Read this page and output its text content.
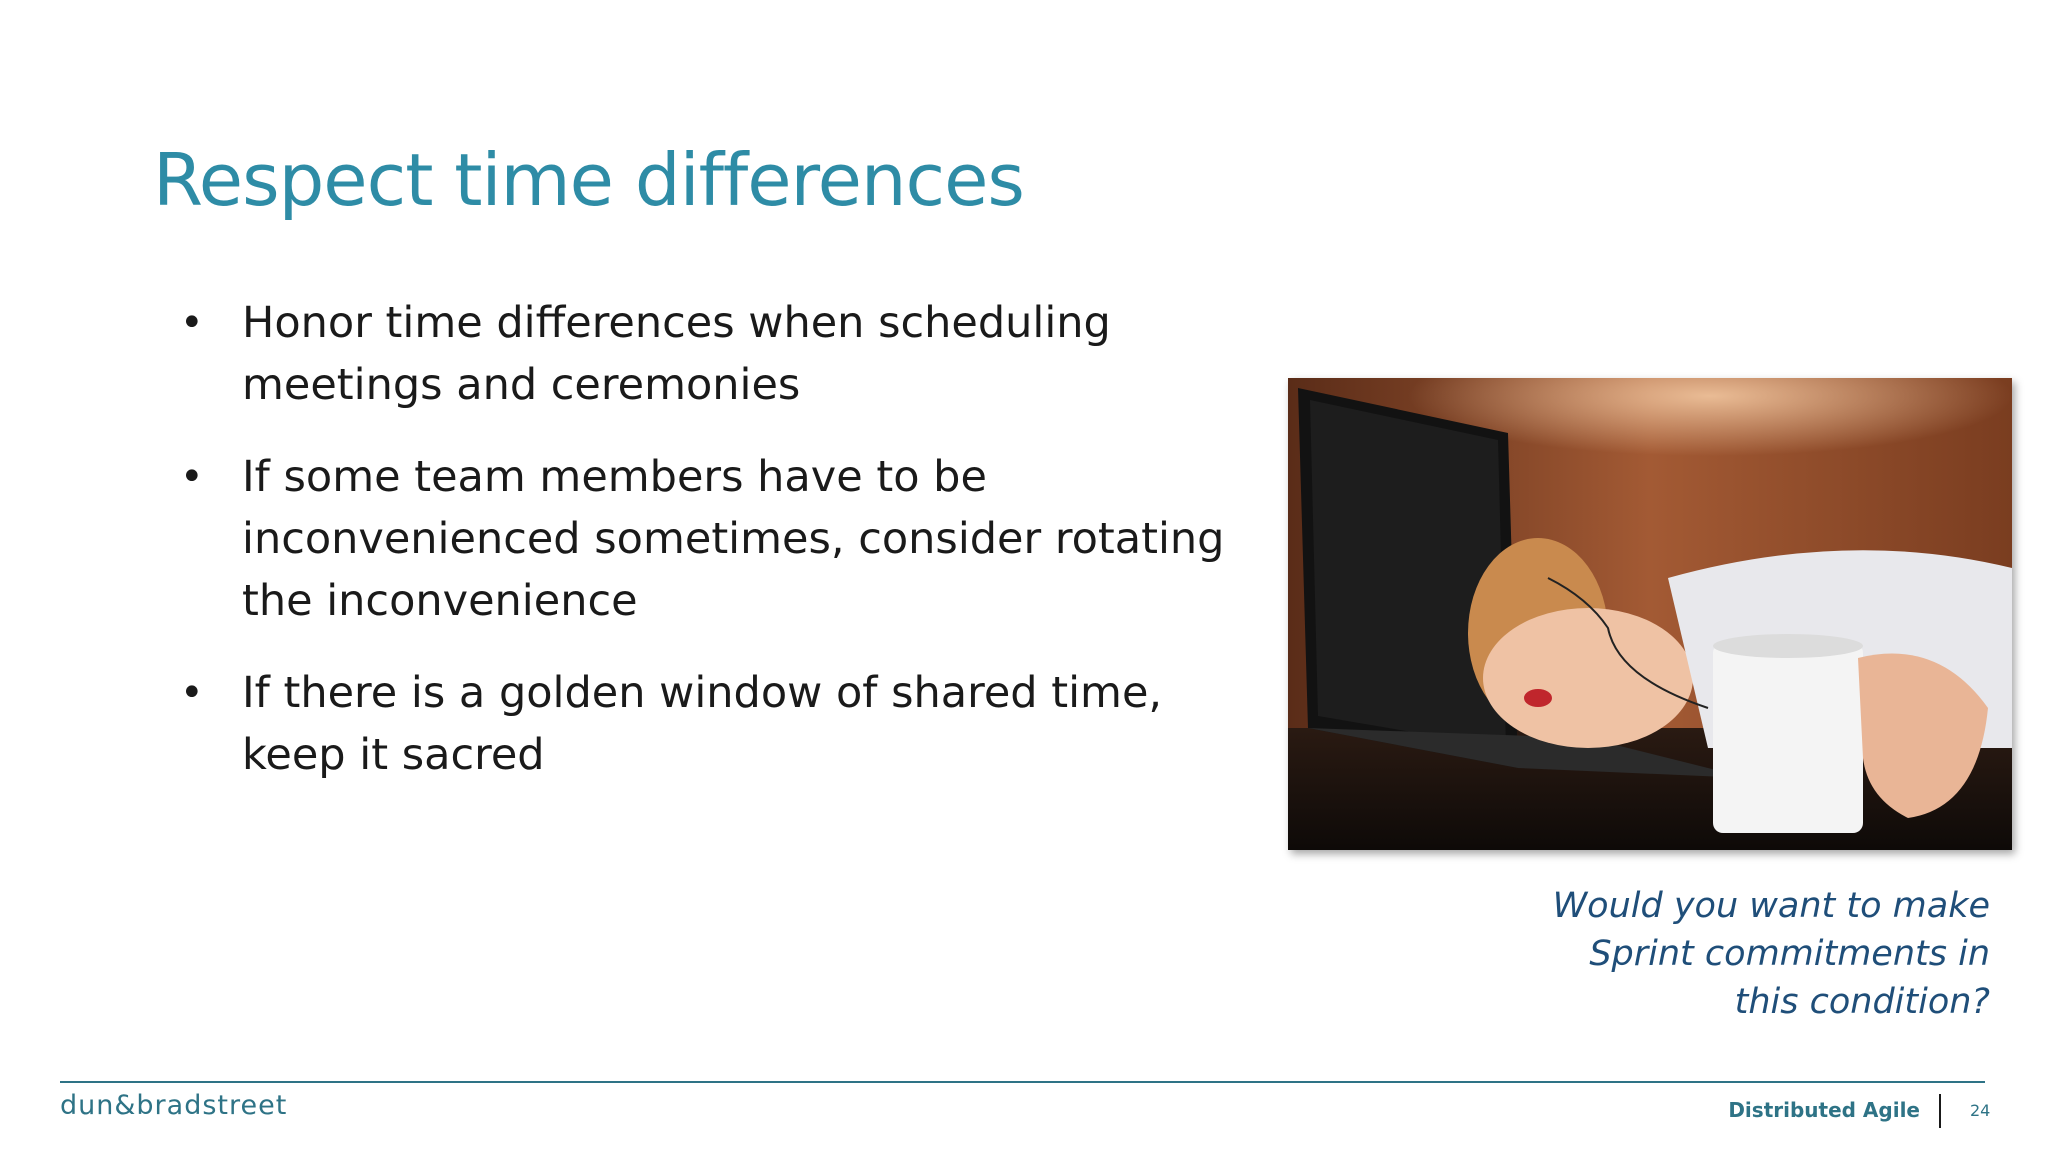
Respect time differences
• Honor time differences when scheduling meetings and ceremonies
• If some team members have to be inconvenienced sometimes, consider rotating the inconvenience
• If there is a golden window of shared time, keep it sacred
Would you want to make
Sprint commitments in
this condition?
dun&bradstreet	Distributed Agile	24
